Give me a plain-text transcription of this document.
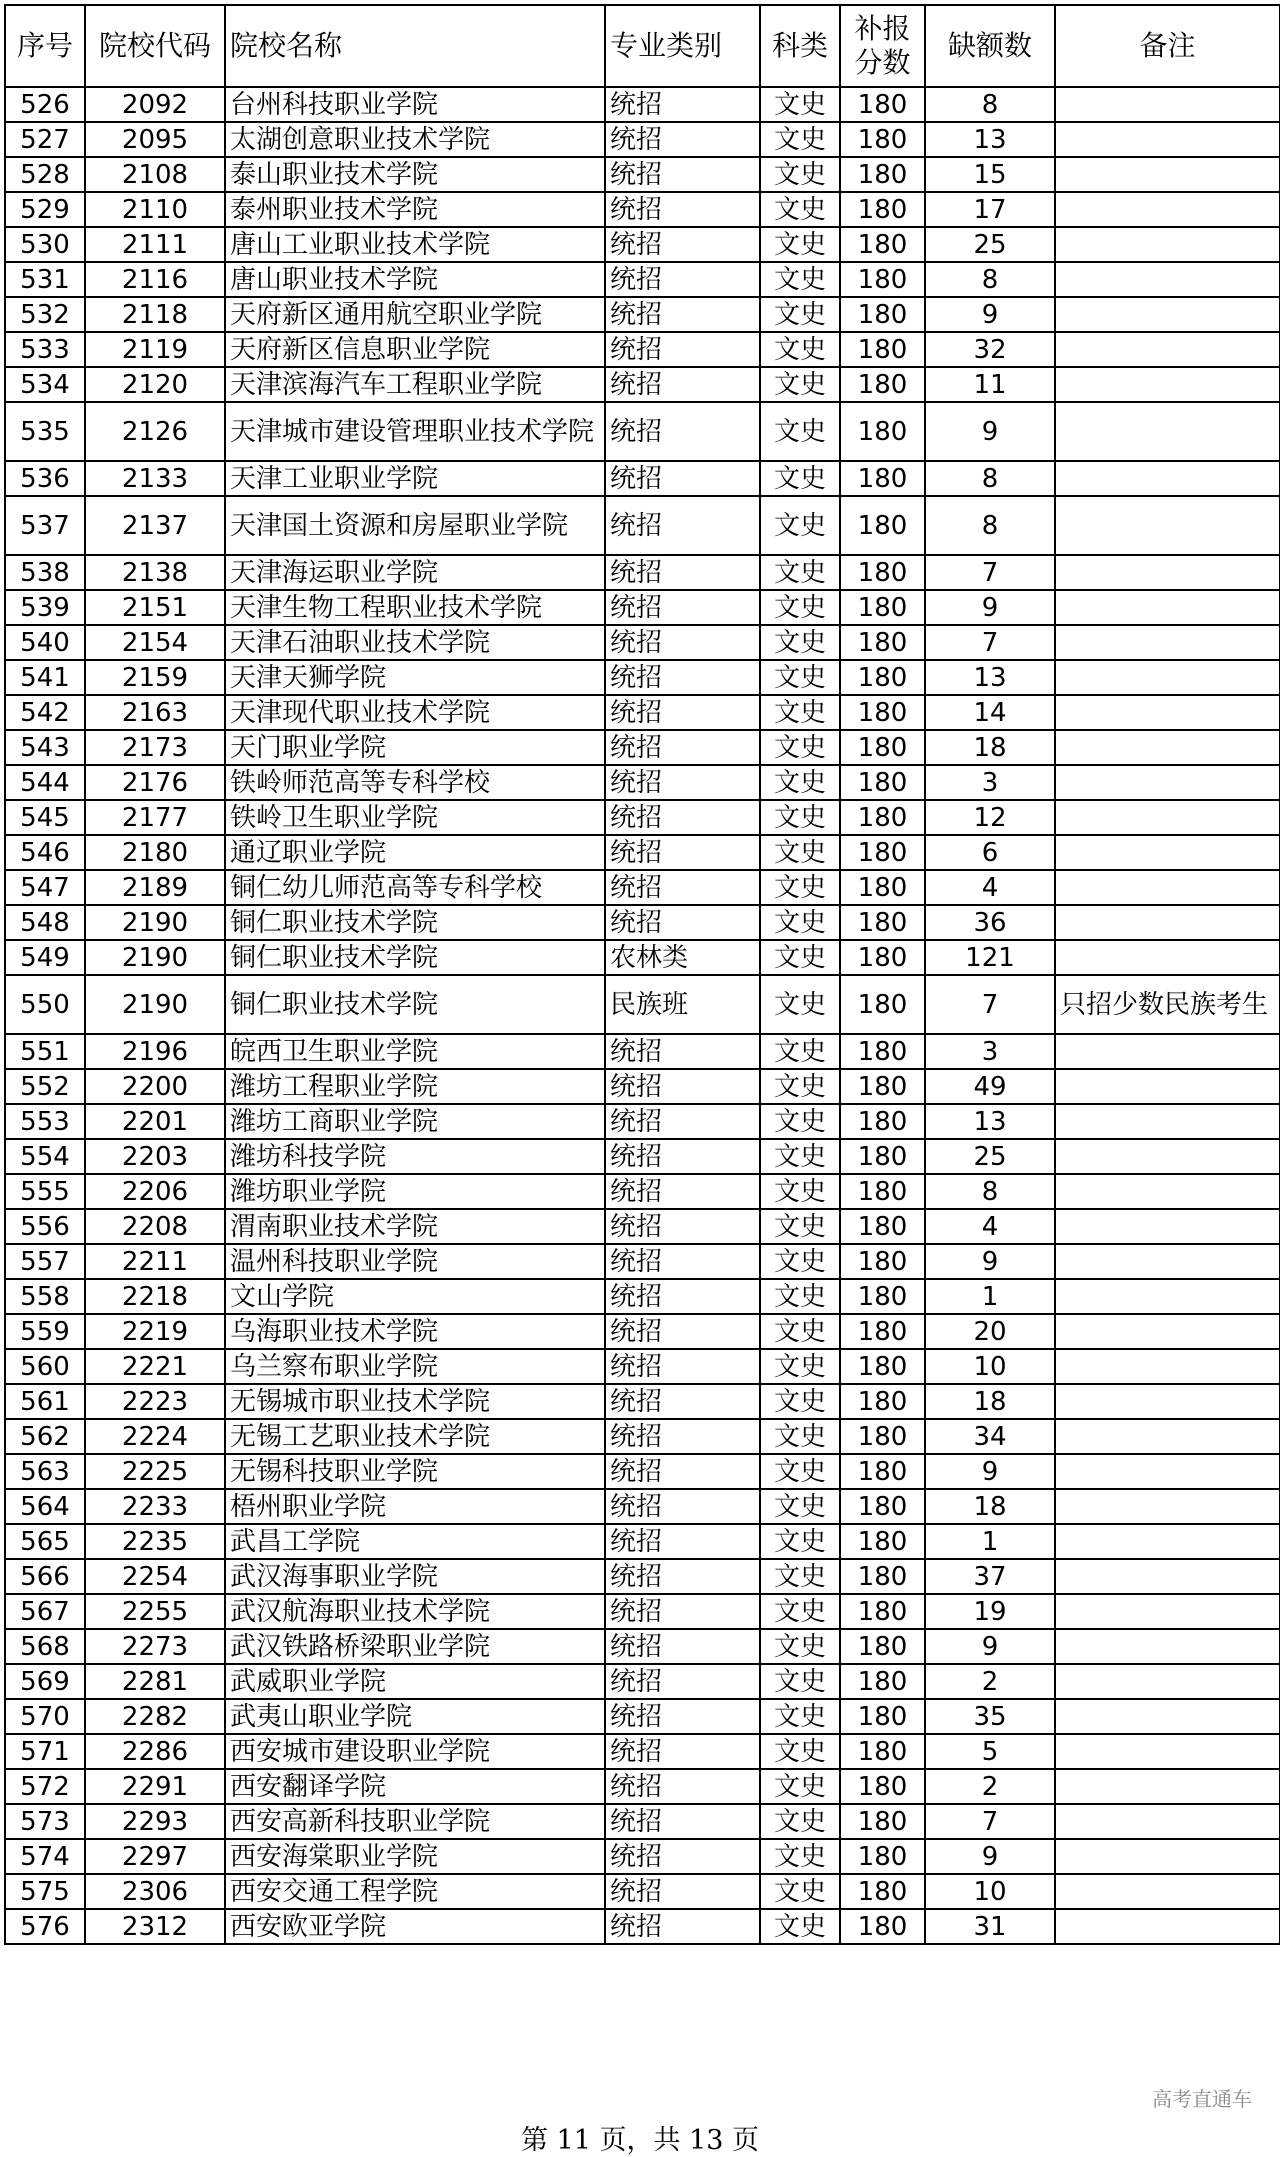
序号	院校代码	院校名称	专业类别	科类	补报分数	缺额数	备注
526	2092	台州科技职业学院	统招	文史	180	8	
527	2095	太湖创意职业技术学院	统招	文史	180	13	
528	2108	泰山职业技术学院	统招	文史	180	15	
529	2110	泰州职业技术学院	统招	文史	180	17	
530	2111	唐山工业职业技术学院	统招	文史	180	25	
531	2116	唐山职业技术学院	统招	文史	180	8	
532	2118	天府新区通用航空职业学院	统招	文史	180	9	
533	2119	天府新区信息职业学院	统招	文史	180	32	
534	2120	天津滨海汽车工程职业学院	统招	文史	180	11	
535	2126	天津城市建设管理职业技术学院	统招	文史	180	9	
536	2133	天津工业职业学院	统招	文史	180	8	
537	2137	天津国土资源和房屋职业学院	统招	文史	180	8	
538	2138	天津海运职业学院	统招	文史	180	7	
539	2151	天津生物工程职业技术学院	统招	文史	180	9	
540	2154	天津石油职业技术学院	统招	文史	180	7	
541	2159	天津天狮学院	统招	文史	180	13	
542	2163	天津现代职业技术学院	统招	文史	180	14	
543	2173	天门职业学院	统招	文史	180	18	
544	2176	铁岭师范高等专科学校	统招	文史	180	3	
545	2177	铁岭卫生职业学院	统招	文史	180	12	
546	2180	通辽职业学院	统招	文史	180	6	
547	2189	铜仁幼儿师范高等专科学校	统招	文史	180	4	
548	2190	铜仁职业技术学院	统招	文史	180	36	
549	2190	铜仁职业技术学院	农林类	文史	180	121	
550	2190	铜仁职业技术学院	民族班	文史	180	7	只招少数民族考生
551	2196	皖西卫生职业学院	统招	文史	180	3	
552	2200	潍坊工程职业学院	统招	文史	180	49	
553	2201	潍坊工商职业学院	统招	文史	180	13	
554	2203	潍坊科技学院	统招	文史	180	25	
555	2206	潍坊职业学院	统招	文史	180	8	
556	2208	渭南职业技术学院	统招	文史	180	4	
557	2211	温州科技职业学院	统招	文史	180	9	
558	2218	文山学院	统招	文史	180	1	
559	2219	乌海职业技术学院	统招	文史	180	20	
560	2221	乌兰察布职业学院	统招	文史	180	10	
561	2223	无锡城市职业技术学院	统招	文史	180	18	
562	2224	无锡工艺职业技术学院	统招	文史	180	34	
563	2225	无锡科技职业学院	统招	文史	180	9	
564	2233	梧州职业学院	统招	文史	180	18	
565	2235	武昌工学院	统招	文史	180	1	
566	2254	武汉海事职业学院	统招	文史	180	37	
567	2255	武汉航海职业技术学院	统招	文史	180	19	
568	2273	武汉铁路桥梁职业学院	统招	文史	180	9	
569	2281	武威职业学院	统招	文史	180	2	
570	2282	武夷山职业学院	统招	文史	180	35	
571	2286	西安城市建设职业学院	统招	文史	180	5	
572	2291	西安翻译学院	统招	文史	180	2	
573	2293	西安高新科技职业学院	统招	文史	180	7	
574	2297	西安海棠职业学院	统招	文史	180	9	
575	2306	西安交通工程学院	统招	文史	180	10	
576	2312	西安欧亚学院	统招	文史	180	31	
高考直通车
第 11 页，共 13 页
